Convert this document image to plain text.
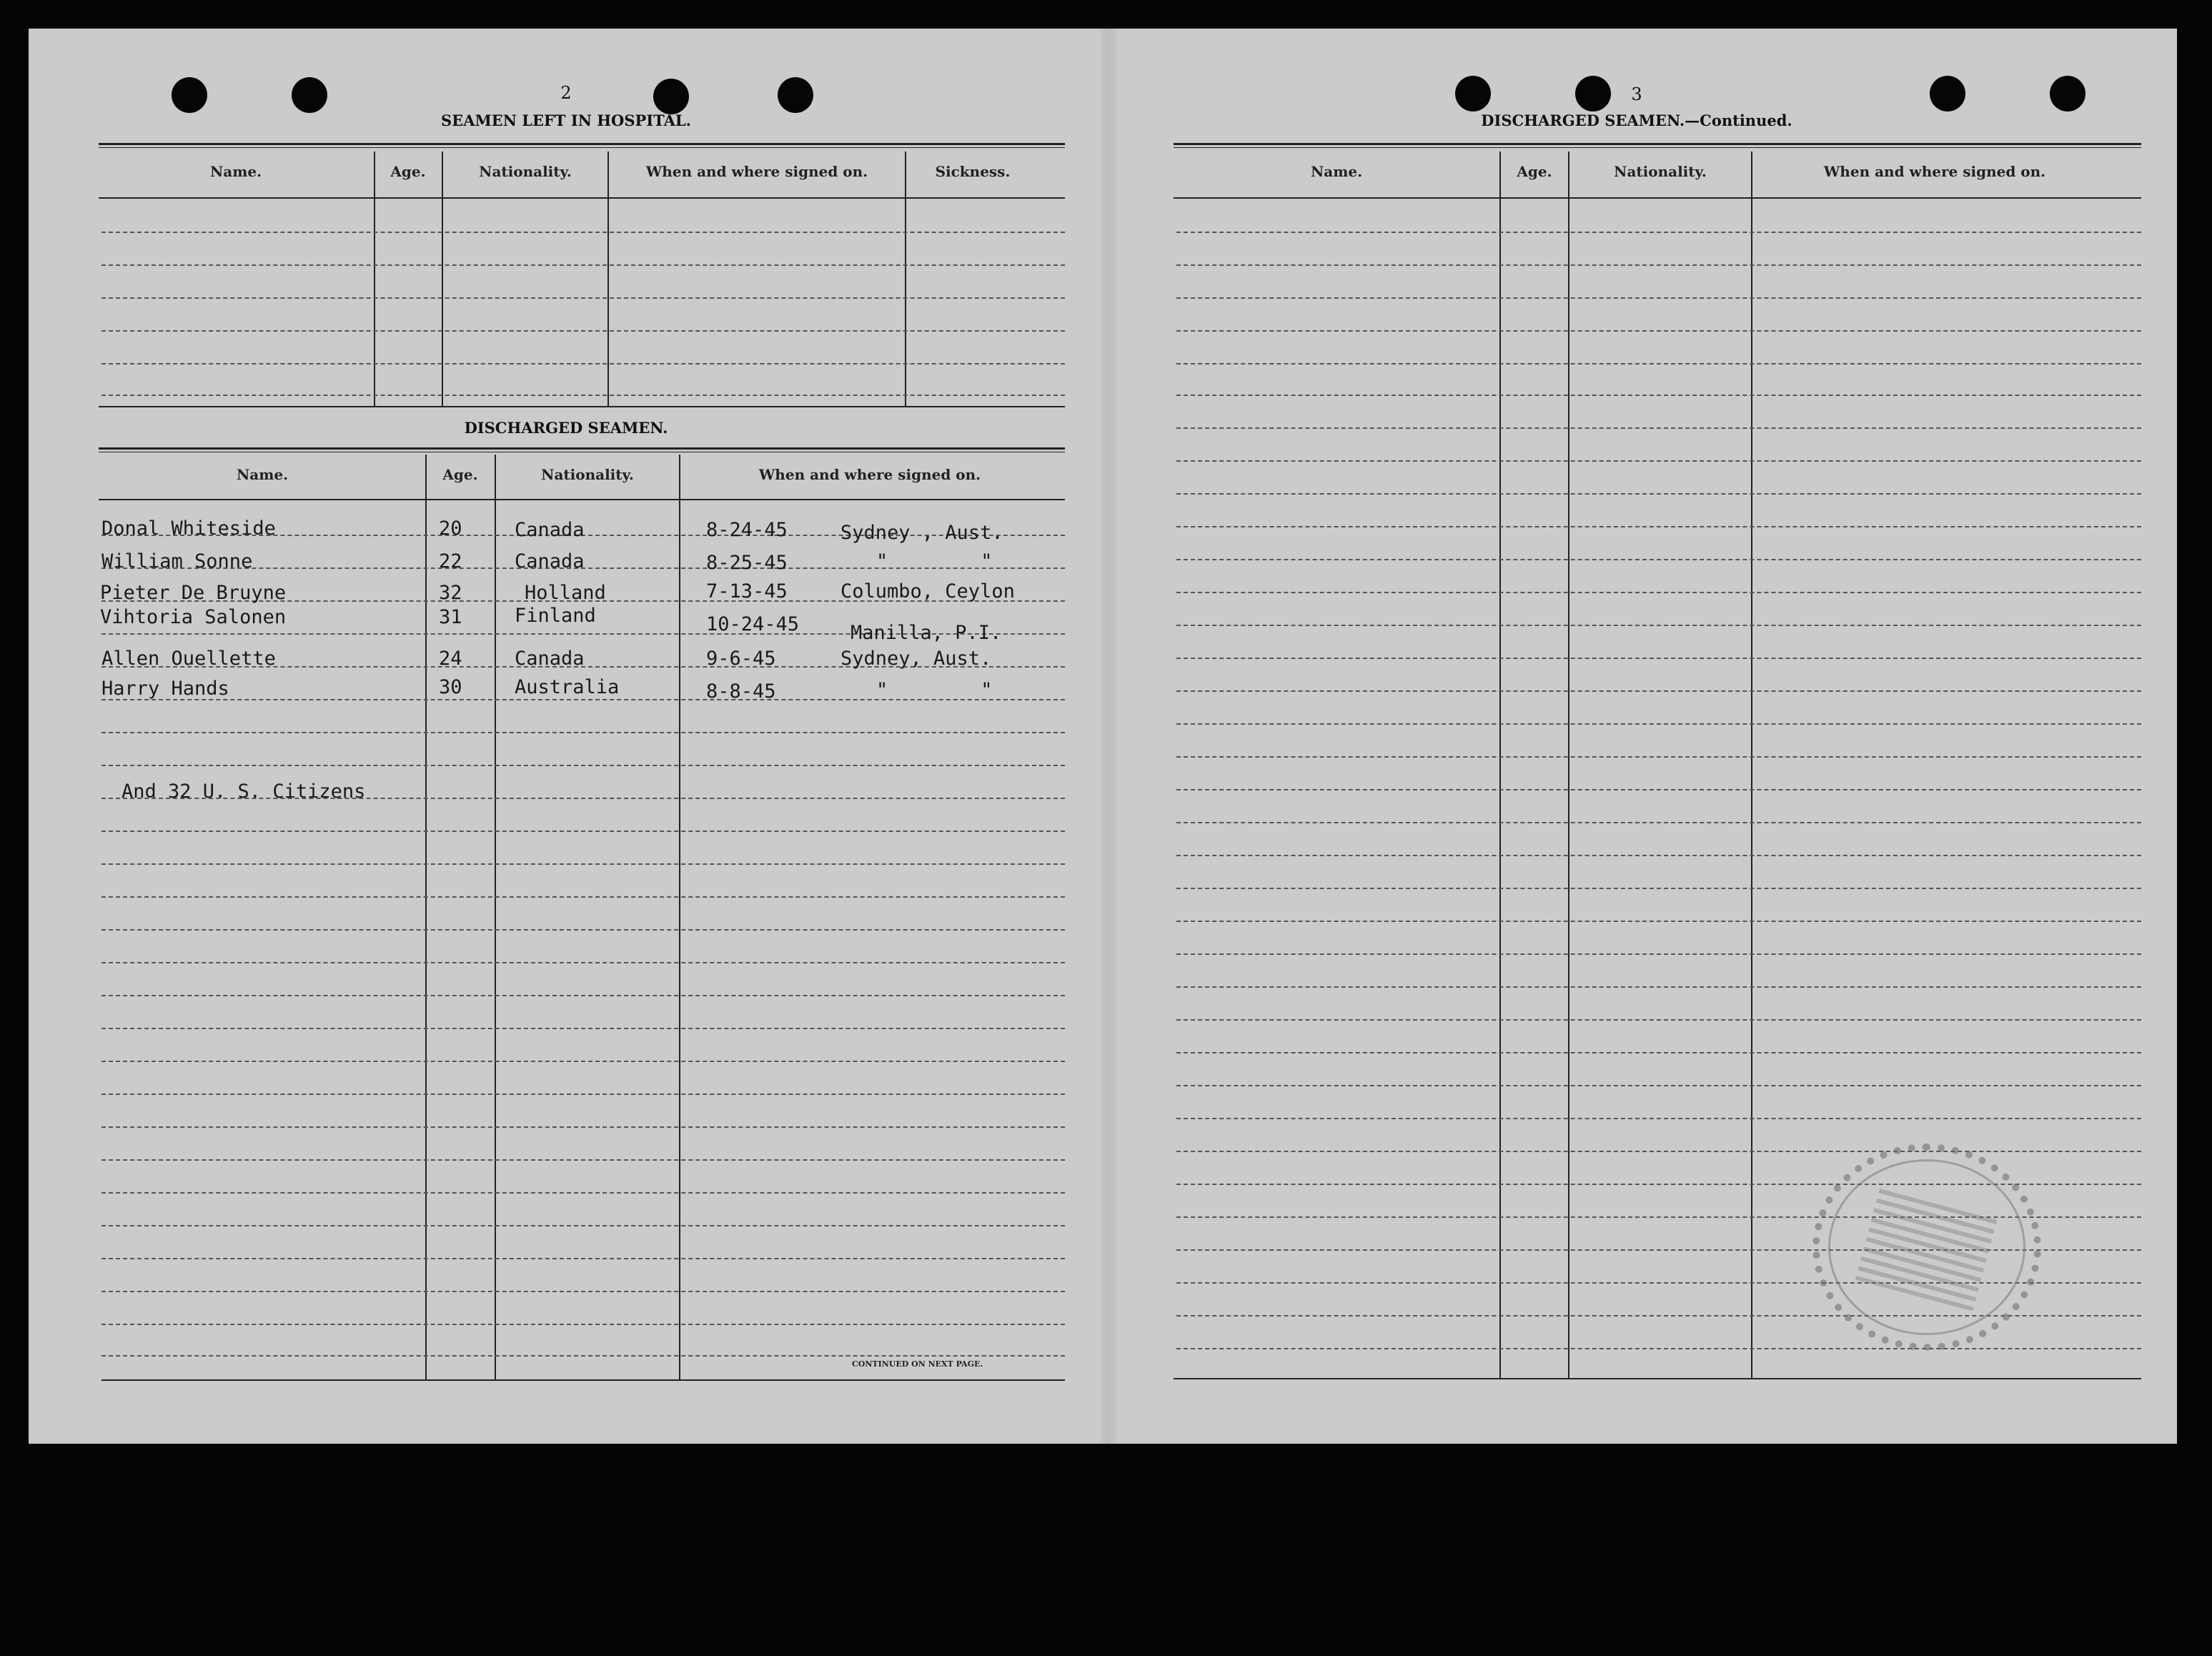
2
SEAMEN LEFT IN HOSPITAL.
Name.	Age.	Nationality.	When and where signed on.	Sickness.
DISCHARGED SEAMEN.
Name.	Age.	Nationality.	When and where signed on.
Donal Whiteside	20	Canada	8-24-45	Sydney , Aust.
William Sonne	22	Canada	8-25-45	"        "
Pieter De Bruyne	32	Holland	7-13-45	Columbo, Ceylon
Vihtoria Salonen	31	Finland	10-24-45	Manilla, P.I.
Allen Ouellette	24	Canada	9-6-45	Sydney, Aust.
Harry Hands	30	Australia	8-8-45	"        "
And 32 U. S. Citizens
CONTINUED ON NEXT PAGE.
3
DISCHARGED SEAMEN.—Continued.
Name.	Age.	Nationality.	When and where signed on.
